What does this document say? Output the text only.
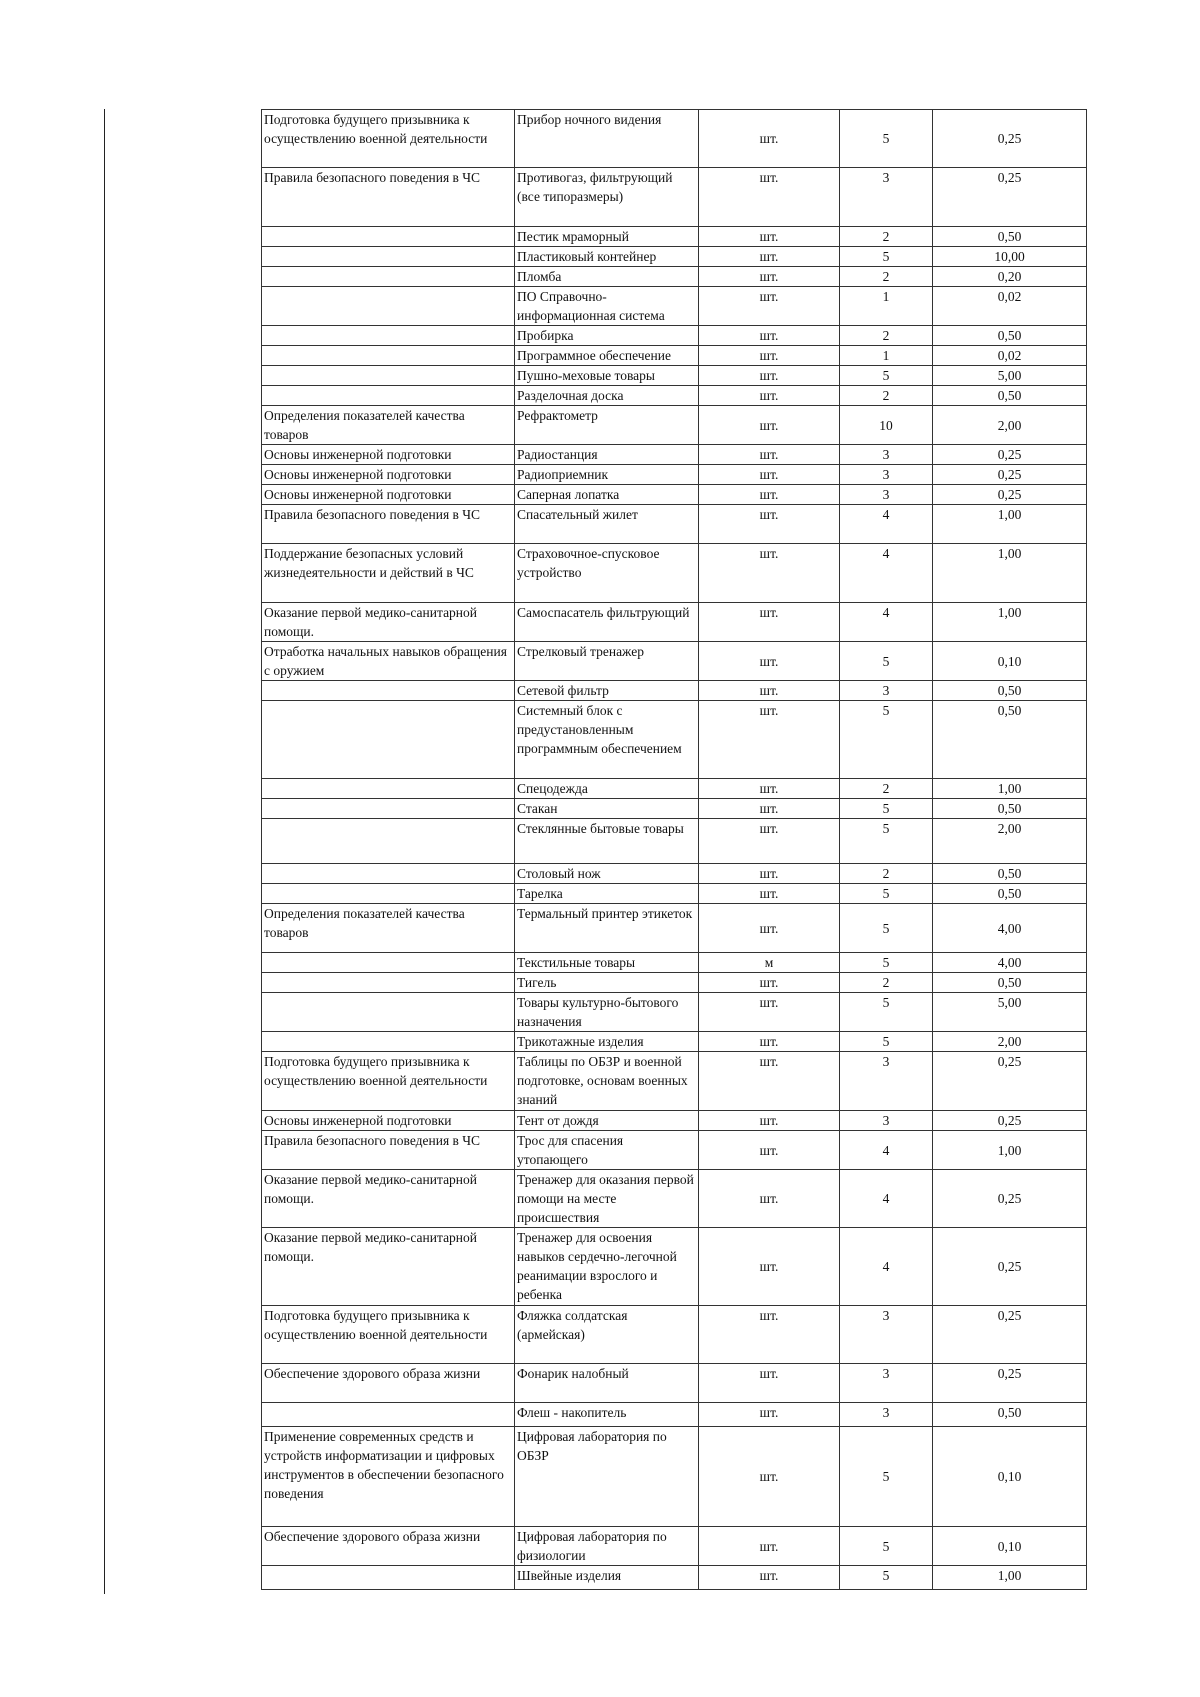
Подготовка будущего призывника к осуществлению военной деятельности	Прибор ночного видения	шт.	5	0,25
Правила безопасного поведения в ЧС	Противогаз, фильтрующий (все типоразмеры)	шт.	3	0,25
	Пестик мраморный	шт.	2	0,50
	Пластиковый контейнер	шт.	5	10,00
	Пломба	шт.	2	0,20
	ПО Справочно-информационная система	шт.	1	0,02
	Пробирка	шт.	2	0,50
	Программное обеспечение	шт.	1	0,02
	Пушно-меховые товары	шт.	5	5,00
	Разделочная доска	шт.	2	0,50
Определения показателей качества товаров	Рефрактометр	шт.	10	2,00
Основы инженерной подготовки	Радиостанция	шт.	3	0,25
Основы инженерной подготовки	Радиоприемник	шт.	3	0,25
Основы инженерной подготовки	Саперная лопатка	шт.	3	0,25
Правила безопасного поведения в ЧС	Спасательный жилет	шт.	4	1,00
Поддержание безопасных условий жизнедеятельности и действий в ЧС	Страховочное-спусковое устройство	шт.	4	1,00
Оказание первой медико-санитарной помощи.	Самоспасатель фильтрующий	шт.	4	1,00
Отработка начальных навыков обращения с оружием	Стрелковый тренажер	шт.	5	0,10
	Сетевой фильтр	шт.	3	0,50
	Системный блок с предустановленным программным обеспечением	шт.	5	0,50
	Спецодежда	шт.	2	1,00
	Стакан	шт.	5	0,50
	Стеклянные бытовые товары	шт.	5	2,00
	Столовый нож	шт.	2	0,50
	Тарелка	шт.	5	0,50
Определения показателей качества товаров	Термальный принтер этикеток	шт.	5	4,00
	Текстильные товары	м	5	4,00
	Тигель	шт.	2	0,50
	Товары культурно-бытового назначения	шт.	5	5,00
	Трикотажные изделия	шт.	5	2,00
Подготовка будущего призывника к осуществлению военной деятельности	Таблицы по ОБЗР и военной подготовке, основам военных знаний	шт.	3	0,25
Основы инженерной подготовки	Тент от дождя	шт.	3	0,25
Правила безопасного поведения в ЧС	Трос для спасения утопающего	шт.	4	1,00
Оказание первой медико-санитарной помощи.	Тренажер для оказания первой помощи на месте происшествия	шт.	4	0,25
Оказание первой медико-санитарной помощи.	Тренажер для освоения навыков сердечно-легочной реанимации взрослого и ребенка	шт.	4	0,25
Подготовка будущего призывника к осуществлению военной деятельности	Фляжка солдатская (армейская)	шт.	3	0,25
Обеспечение здорового образа жизни	Фонарик налобный	шт.	3	0,25
	Флеш - накопитель	шт.	3	0,50
Применение современных средств и устройств информатизации и цифровых инструментов в обеспечении безопасного поведения	Цифровая лаборатория по ОБЗР	шт.	5	0,10
Обеспечение здорового образа жизни	Цифровая лаборатория по физиологии	шт.	5	0,10
	Швейные изделия	шт.	5	1,00
